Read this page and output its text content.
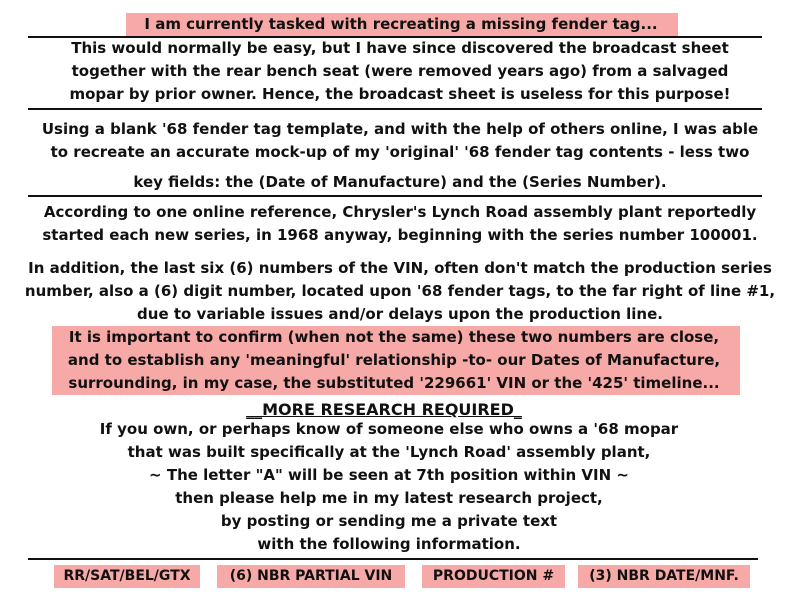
I am currently tasked with recreating a missing fender tag...
This would normally be easy, but I have since discovered the broadcast sheet
together with the rear bench seat (were removed years ago) from a salvaged
mopar by prior owner. Hence, the broadcast sheet is useless for this purpose!
Using a blank '68 fender tag template, and with the help of others online, I was able
to recreate an accurate mock-up of my 'original' '68 fender tag contents - less two
key fields: the (Date of Manufacture) and the (Series Number).
According to one online reference, Chrysler's Lynch Road assembly plant reportedly
started each new series, in 1968 anyway, beginning with the series number 100001.
In addition, the last six (6) numbers of the VIN, often don't match the production series
number, also a (6) digit number, located upon '68 fender tags, to the far right of line #1,
due to variable issues and/or delays upon the production line.
It is important to confirm (when not the same) these two numbers are close,
and to establish any 'meaningful' relationship -to- our Dates of Manufacture,
surrounding, in my case, the substituted '229661' VIN or the '425' timeline...
__MORE RESEARCH REQUIRED_
If you own, or perhaps know of someone else who owns a '68 mopar
that was built specifically at the 'Lynch Road' assembly plant,
~ The letter "A" will be seen at 7th position within VIN ~
then please help me in my latest research project,
by posting or sending me a private text
with the following information.
RR/SAT/BEL/GTX	(6) NBR PARTIAL VIN	PRODUCTION #	(3) NBR DATE/MNF.
